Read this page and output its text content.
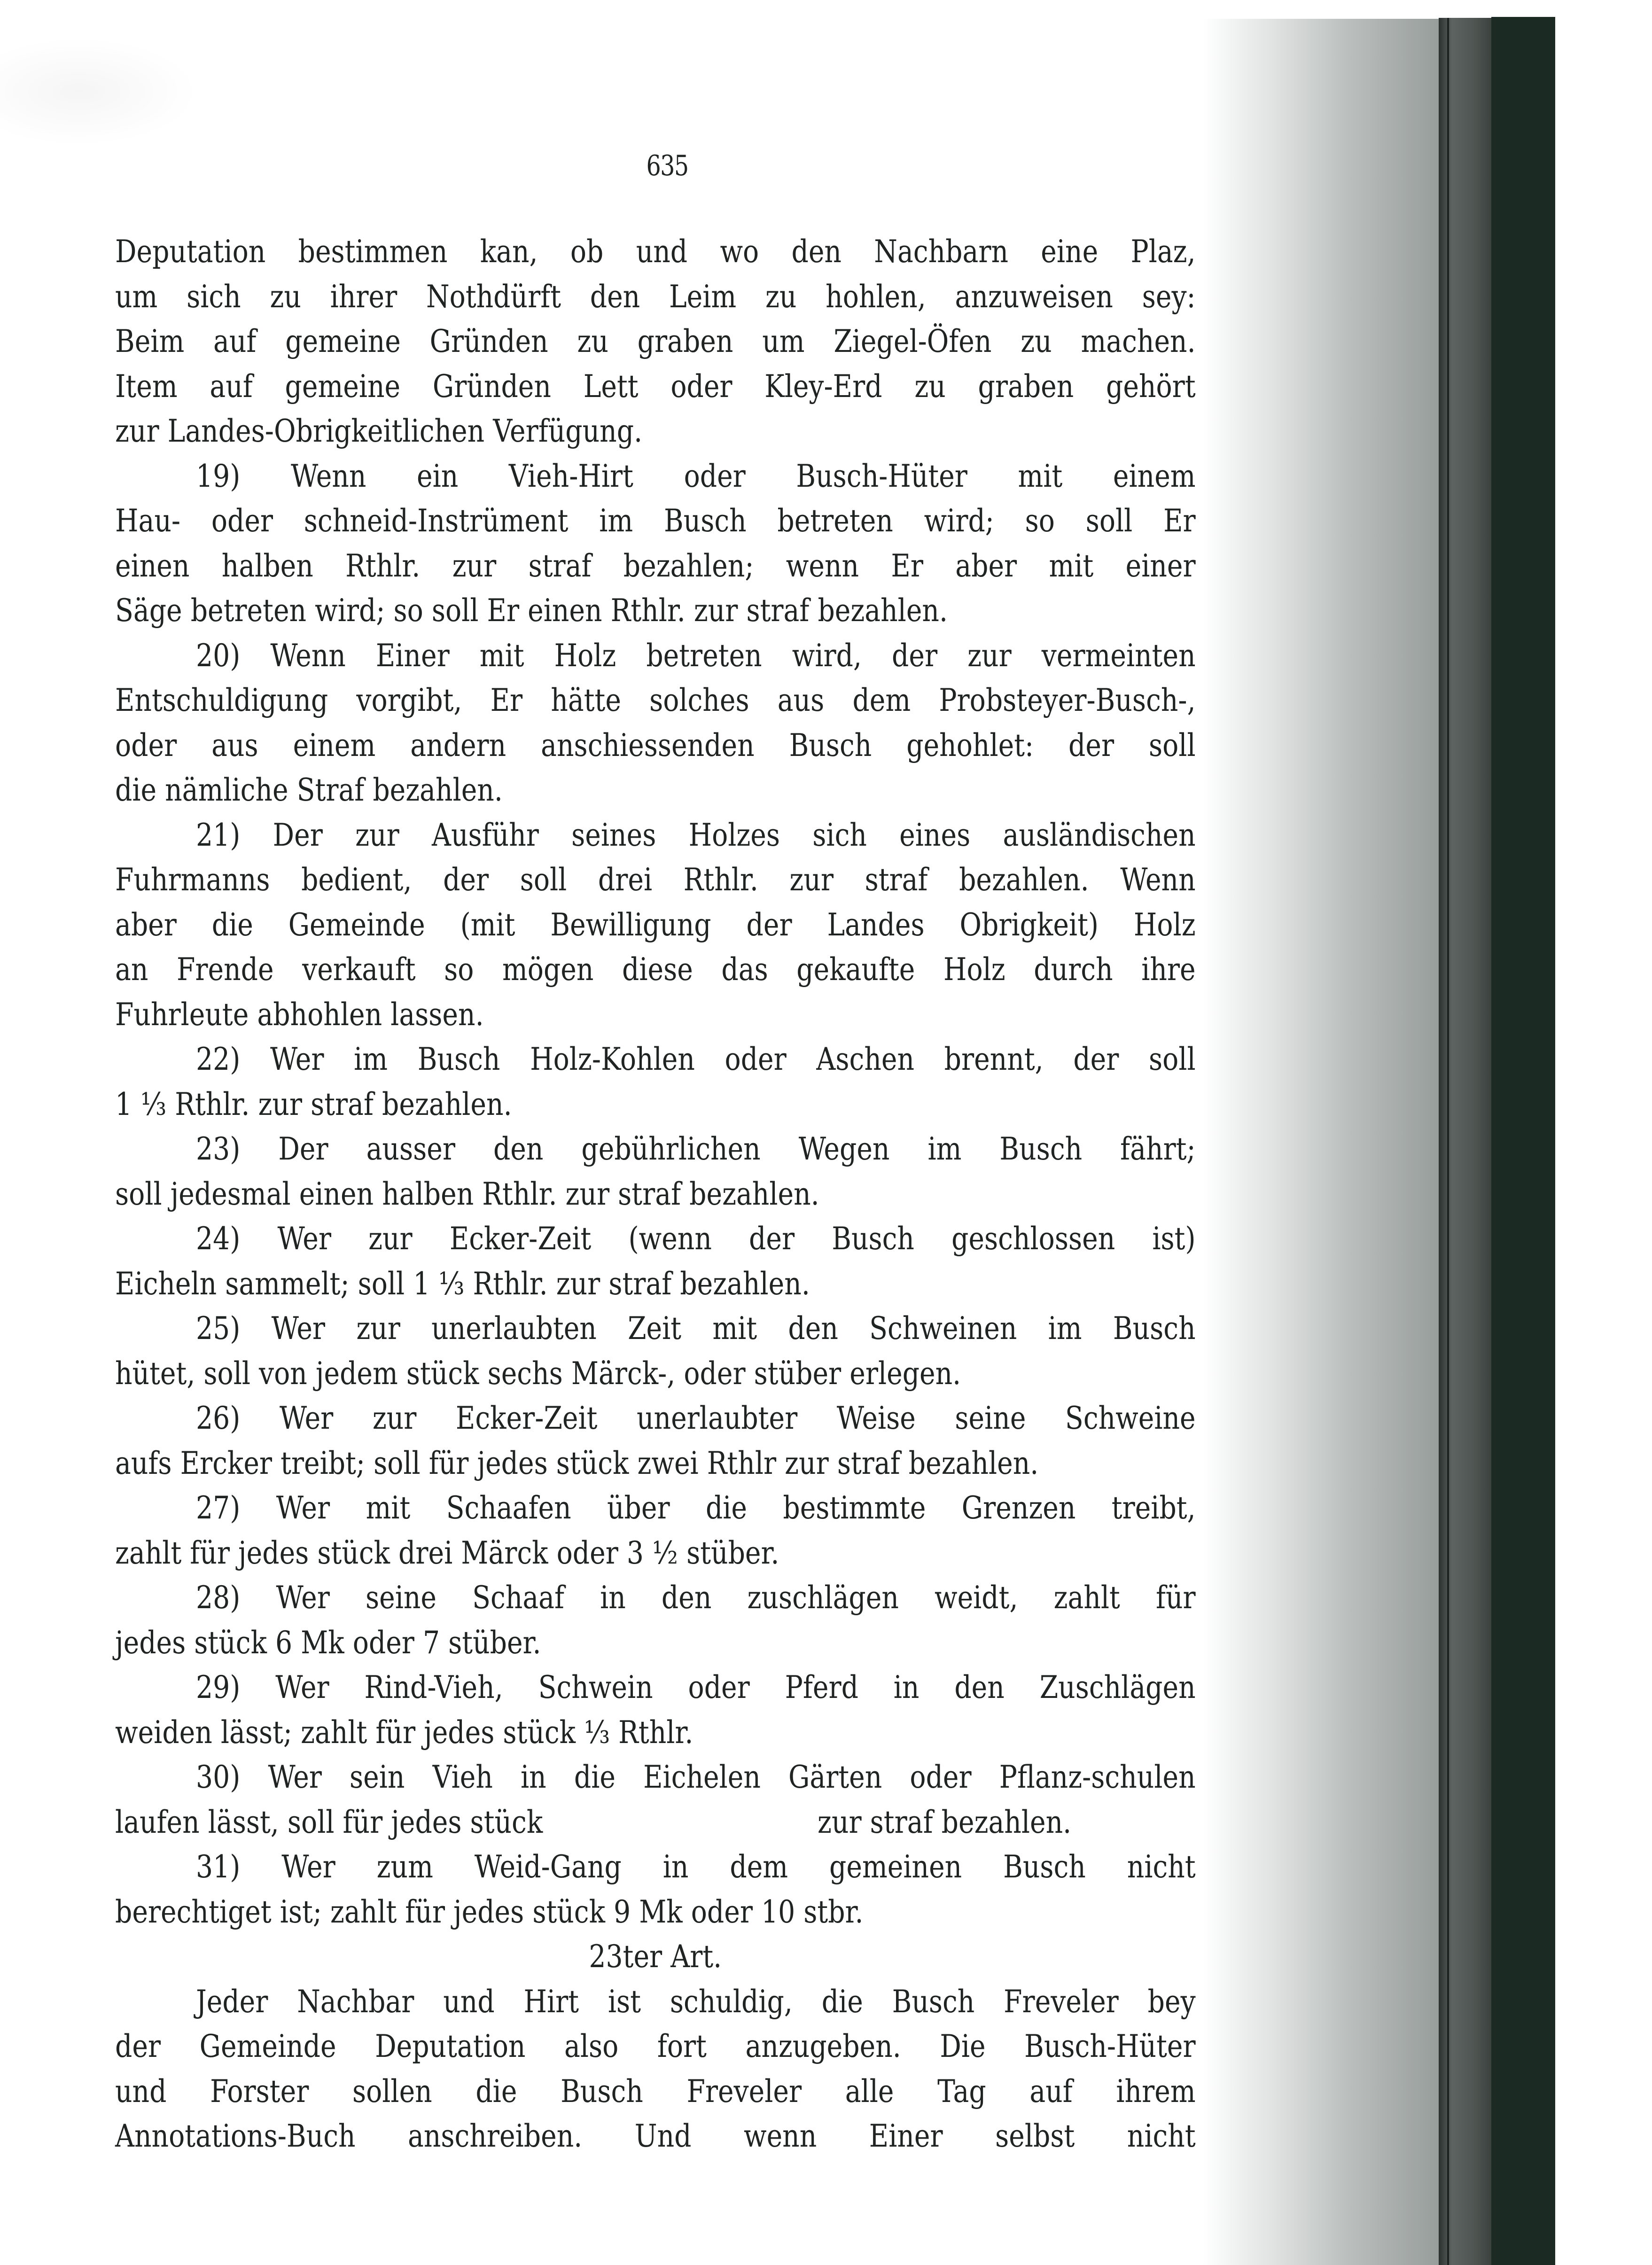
635
Deputation bestimmen kan, ob und wo den Nachbarn eine Plaz,
um sich zu ihrer Nothdürft den Leim zu hohlen, anzuweisen sey:
Beim auf gemeine Gründen zu graben um Ziegel-Öfen zu machen.
Item auf gemeine Gründen Lett oder Kley-Erd zu graben gehört
zur Landes-Obrigkeitlichen Verfügung.
19) Wenn ein Vieh-Hirt oder Busch-Hüter mit einem
Hau- oder schneid-Instrüment im Busch betreten wird; so soll Er
einen halben Rthlr. zur straf bezahlen; wenn Er aber mit einer
Säge betreten wird; so soll Er einen Rthlr. zur straf bezahlen.
20) Wenn Einer mit Holz betreten wird, der zur vermeinten
Entschuldigung vorgibt, Er hätte solches aus dem Probsteyer-Busch-,
oder aus einem andern anschiessenden Busch gehohlet: der soll
die nämliche Straf bezahlen.
21) Der zur Ausführ seines Holzes sich eines ausländischen
Fuhrmanns bedient, der soll drei Rthlr. zur straf bezahlen. Wenn
aber die Gemeinde (mit Bewilligung der Landes Obrigkeit) Holz
an Frende verkauft so mögen diese das gekaufte Holz durch ihre
Fuhrleute abhohlen lassen.
22) Wer im Busch Holz-Kohlen oder Aschen brennt, der soll
1 ⅓ Rthlr. zur straf bezahlen.
23) Der ausser den gebührlichen Wegen im Busch fährt;
soll jedesmal einen halben Rthlr. zur straf bezahlen.
24) Wer zur Ecker-Zeit (wenn der Busch geschlossen ist)
Eicheln sammelt; soll 1 ⅓ Rthlr. zur straf bezahlen.
25) Wer zur unerlaubten Zeit mit den Schweinen im Busch
hütet, soll von jedem stück sechs Märck-, oder stüber erlegen.
26) Wer zur Ecker-Zeit unerlaubter Weise seine Schweine
aufs Ercker treibt; soll für jedes stück zwei Rthlr zur straf bezahlen.
27) Wer mit Schaafen über die bestimmte Grenzen treibt,
zahlt für jedes stück drei Märck oder 3 ½ stüber.
28) Wer seine Schaaf in den zuschlägen weidt, zahlt für
jedes stück 6 Mk oder 7 stüber.
29) Wer Rind-Vieh, Schwein oder Pferd in den Zuschlägen
weiden lässt; zahlt für jedes stück ⅓ Rthlr.
30) Wer sein Vieh in die Eichelen Gärten oder Pflanz-schulen
laufen lässt, soll für jedes stück	zur straf bezahlen.
31) Wer zum Weid-Gang in dem gemeinen Busch nicht
berechtiget ist; zahlt für jedes stück 9 Mk oder 10 stbr.
23ter Art.
Jeder Nachbar und Hirt ist schuldig, die Busch Freveler bey
der Gemeinde Deputation also fort anzugeben. Die Busch-Hüter
und Forster sollen die Busch Freveler alle Tag auf ihrem
Annotations-Buch anschreiben. Und wenn Einer selbst nicht
